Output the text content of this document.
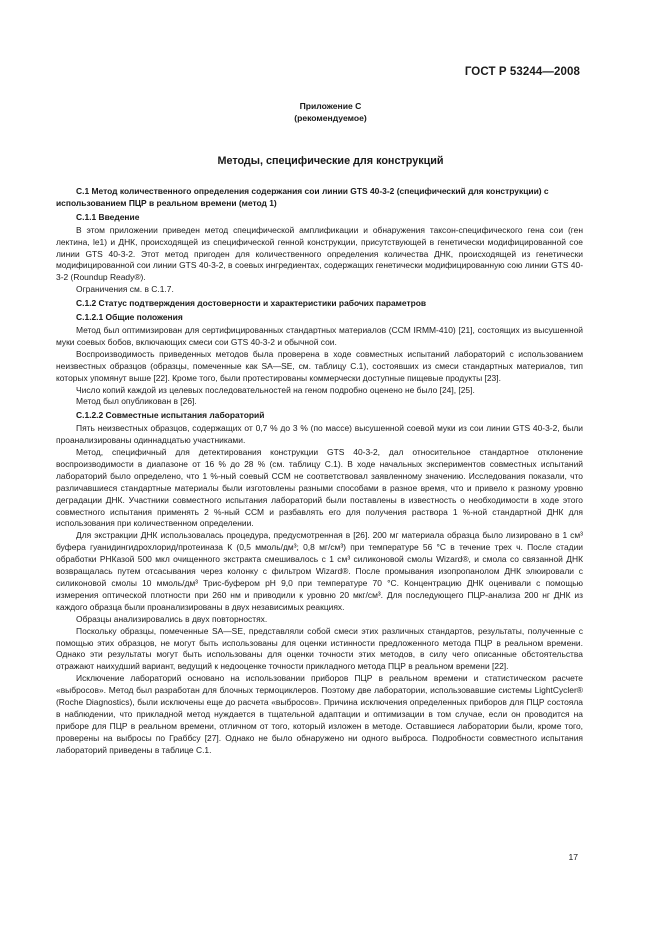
ГОСТ Р 53244—2008
Приложение С
(рекомендуемое)
Методы, специфические для конструкций

C.1 Метод количественного определения содержания сои линии GTS 40-3-2 (специфический для конструкции) с использованием ПЦР в реальном времени (метод 1)

C.1.1 Введение

В этом приложении приведен метод специфической амплификации и обнаружения таксон-специфического гена сои (ген лектина, le1) и ДНК, происходящей из специфической генной конструкции, присутствующей в генетически модифицированной сое линии GTS 40-3-2. Этот метод пригоден для количественного определения количества ДНК, происходящей из генетически модифицированной сои линии GTS 40-3-2, в соевых ингредиентах, содержащих генетически модифицированную сою линии GTS 40-3-2 (Roundup Ready®).

Ограничения см. в С.1.7.

C.1.2 Статус подтверждения достоверности и характеристики рабочих параметров

C.1.2.1 Общие положения

Метод был оптимизирован для сертифицированных стандартных материалов (CCM IRMM-410) [21], состоящих из высушенной муки соевых бобов, включающих смеси сои GTS 40-3-2 и обычной сои.

Воспроизводимость приведенных методов была проверена в ходе совместных испытаний лабораторий с использованием неизвестных образцов (образцы, помеченные как SA—SE, см. таблицу С.1), состоявших из смеси стандартных материалов, тип которых упомянут выше [22]. Кроме того, были протестированы коммерчески доступные пищевые продукты [23].

Число копий каждой из целевых последовательностей на геном подробно оценено не было [24], [25].

Метод был опубликован в [26].

C.1.2.2 Совместные испытания лабораторий

Пять неизвестных образцов, содержащих от 0,7 % до 3 % (по массе) высушенной соевой муки из сои линии GTS 40-3-2, были проанализированы одиннадцатью участниками.

Метод, специфичный для детектирования конструкции GTS 40-3-2, дал относительное стандартное отклонение воспроизводимости в диапазоне от 16 % до 28 % (см. таблицу С.1). В ходе начальных экспериментов совместных испытаний лабораторий было определено, что 1 %-ный соевый CCM не соответствовал заявленному значению. Исследования показали, что различавшиеся стандартные материалы были изготовлены разными способами в разное время, что и привело к разному уровню деградации ДНК. Участники совместного испытания лабораторий были поставлены в известность о необходимости в ходе этого совместного испытания применять 2 %-ный CCM и разбавлять его для получения раствора 1 %-ной стандартной ДНК для использования при количественном определении.

Для экстракции ДНК использовалась процедура, предусмотренная в [26]. 200 мг материала образца было лизировано в 1 см³ буфера гуанидингидрохлорид/протеиназа К (0,5 ммоль/дм³; 0,8 мг/см³) при температуре 56 °С в течение трех ч. После стадии обработки РНКазой 500 мкл очищенного экстракта смешивалось с 1 см³ силиконовой смолы Wizard®, и смола со связанной ДНК возвращалась путем отсасывания через колонку с фильтром Wizard®. После промывания изопропанолом ДНК элюировали с силиконовой смолы 10 ммоль/дм³ Трис-буфером рН 9,0 при температуре 70 °С. Концентрацию ДНК оценивали с помощью измерения оптической плотности при 260 нм и приводили к уровню 20 мкг/см³. Для последующего ПЦР-анализа 200 нг ДНК из каждого образца были проанализированы в двух независимых реакциях.

Образцы анализировались в двух повторностях.

Поскольку образцы, помеченные SA—SE, представляли собой смеси этих различных стандартов, результаты, полученные с помощью этих образцов, не могут быть использованы для оценки истинности предложенного метода ПЦР в реальном времени. Однако эти результаты могут быть использованы для оценки точности этих методов, в силу чего описанные обстоятельства отражают наихудший вариант, ведущий к недооценке точности прикладного метода ПЦР в реальном времени [22].

Исключение лабораторий основано на использовании приборов ПЦР в реальном времени и статистическом расчете «выбросов». Метод был разработан для блочных термоциклеров. Поэтому две лаборатории, использовавшие системы LightCycler® (Roche Diagnostics), были исключены еще до расчета «выбросов». Причина исключения определенных приборов для ПЦР состояла в наблюдении, что прикладной метод нуждается в тщательной адаптации и оптимизации в том случае, если он проводится на приборе для ПЦР в реальном времени, отличном от того, который изложен в методе. Оставшиеся лаборатории были, кроме того, проверены на выбросы по Граббсу [27]. Однако не было обнаружено ни одного выброса. Подробности совместного испытания лабораторий приведены в таблице С.1.

17
